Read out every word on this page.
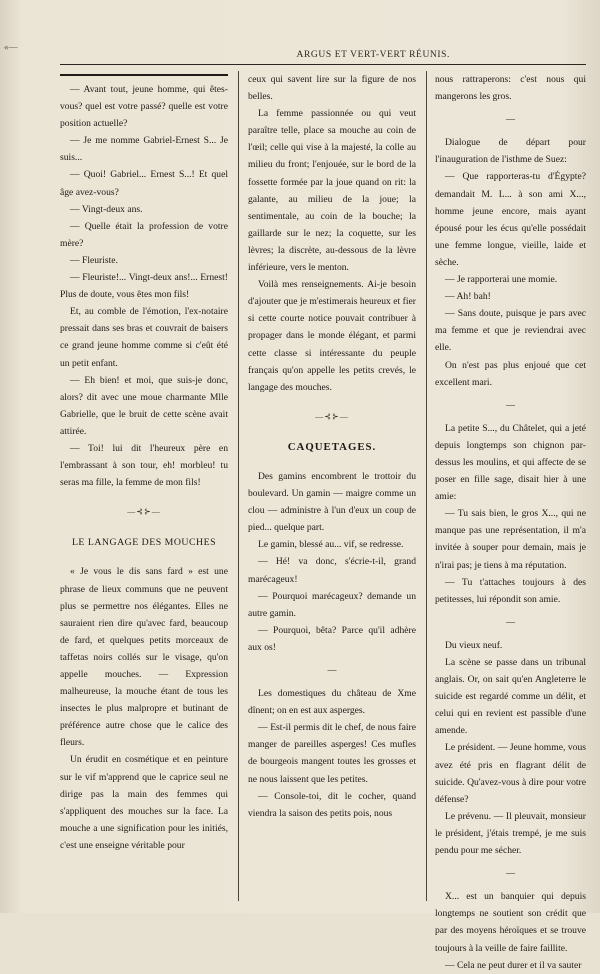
«—
ARGUS ET VERT-VERT RÉUNIS.

— Avant tout, jeune homme, qui êtes-vous? quel est votre passé? quelle est votre position actuelle?

— Je me nomme Gabriel-Ernest S... Je suis...

— Quoi! Gabriel... Ernest S...! Et quel âge avez-vous?

— Vingt-deux ans.

— Quelle était la profession de votre mère?

— Fleuriste.

— Fleuriste!... Vingt-deux ans!... Ernest! Plus de doute, vous êtes mon fils!

Et, au comble de l'émotion, l'ex-notaire pressait dans ses bras et couvrait de baisers ce grand jeune homme comme si c'eût été un petit enfant.

— Eh bien! et moi, que suis-je donc, alors? dit avec une moue charmante Mlle Gabrielle, que le bruit de cette scène avait attirée.

— Toi! lui dit l'heureux père en l'embrassant à son tour, eh! morbleu! tu seras ma fille, la femme de mon fils!

—⊰⊱—
LE LANGAGE DES MOUCHES

« Je vous le dis sans fard » est une phrase de lieux communs que ne peuvent plus se permettre nos élégantes. Elles ne sauraient rien dire qu'avec fard, beaucoup de fard, et quelques petits morceaux de taffetas noirs collés sur le visage, qu'on appelle mouches. — Expression malheureuse, la mouche étant de tous les insectes le plus malpropre et butinant de préférence autre chose que le calice des fleurs.

Un érudit en cosmétique et en peinture sur le vif m'apprend que le caprice seul ne dirige pas la main des femmes qui s'appliquent des mouches sur la face. La mouche a une signification pour les initiés, c'est une enseigne véritable pour

ceux qui savent lire sur la figure de nos belles.

La femme passionnée ou qui veut paraître telle, place sa mouche au coin de l'œil; celle qui vise à la majesté, la colle au milieu du front; l'enjouée, sur le bord de la fossette formée par la joue quand on rit: la galante, au milieu de la joue; la sentimentale, au coin de la bouche; la gaillarde sur le nez; la coquette, sur les lèvres; la discrète, au-dessous de la lèvre inférieure, vers le menton.

Voilà mes renseignements. Ai-je besoin d'ajouter que je m'estimerais heureux et fier si cette courte notice pouvait contribuer à propager dans le monde élégant, et parmi cette classe si intéressante du peuple français qu'on appelle les petits crevés, le langage des mouches.

—⊰⊱—
CAQUETAGES.

Des gamins encombrent le trottoir du boulevard. Un gamin — maigre comme un clou — administre à l'un d'eux un coup de pied... quelque part.

Le gamin, blessé au... vif, se redresse.

— Hé! va donc, s'écrie-t-il, grand marécageux!

— Pourquoi marécageux? demande un autre gamin.

— Pourquoi, bêta? Parce qu'il adhère aux os!

—

Les domestiques du château de Xme dînent; on en est aux asperges.

— Est-il permis dit le chef, de nous faire manger de pareilles asperges! Ces mufles de bourgeois mangent toutes les grosses et ne nous laissent que les petites.

— Console-toi, dit le cocher, quand viendra la saison des petits pois, nous

nous rattraperons: c'est nous qui mangerons les gros.

—

Dialogue de départ pour l'inauguration de l'isthme de Suez:

— Que rapporteras-tu d'Égypte? demandait M. L... à son ami X..., homme jeune encore, mais ayant épousé pour les écus qu'elle possédait une femme longue, vieille, laide et sèche.

— Je rapporterai une momie.

— Ah! bah!

— Sans doute, puisque je pars avec ma femme et que je reviendrai avec elle.

On n'est pas plus enjoué que cet excellent mari.

—

La petite S..., du Châtelet, qui a jeté depuis longtemps son chignon par-dessus les moulins, et qui affecte de se poser en fille sage, disait hier à une amie:

— Tu sais bien, le gros X..., qui ne manque pas une représentation, il m'a invitée à souper pour demain, mais je n'irai pas; je tiens à ma réputation.

— Tu t'attaches toujours à des petitesses, lui répondit son amie.

—

Du vieux neuf.

La scène se passe dans un tribunal anglais. Or, on sait qu'en Angleterre le suicide est regardé comme un délit, et celui qui en revient est passible d'une amende.

Le président. — Jeune homme, vous avez été pris en flagrant délit de suicide. Qu'avez-vous à dire pour votre défense?

Le prévenu. — Il pleuvait, monsieur le président, j'étais trempé, je me suis pendu pour me sécher.

—

X... est un banquier qui depuis longtemps ne soutient son crédit que par des moyens héroïques et se trouve toujours à la veille de faire faillite.

— Cela ne peut durer et il va sauter
